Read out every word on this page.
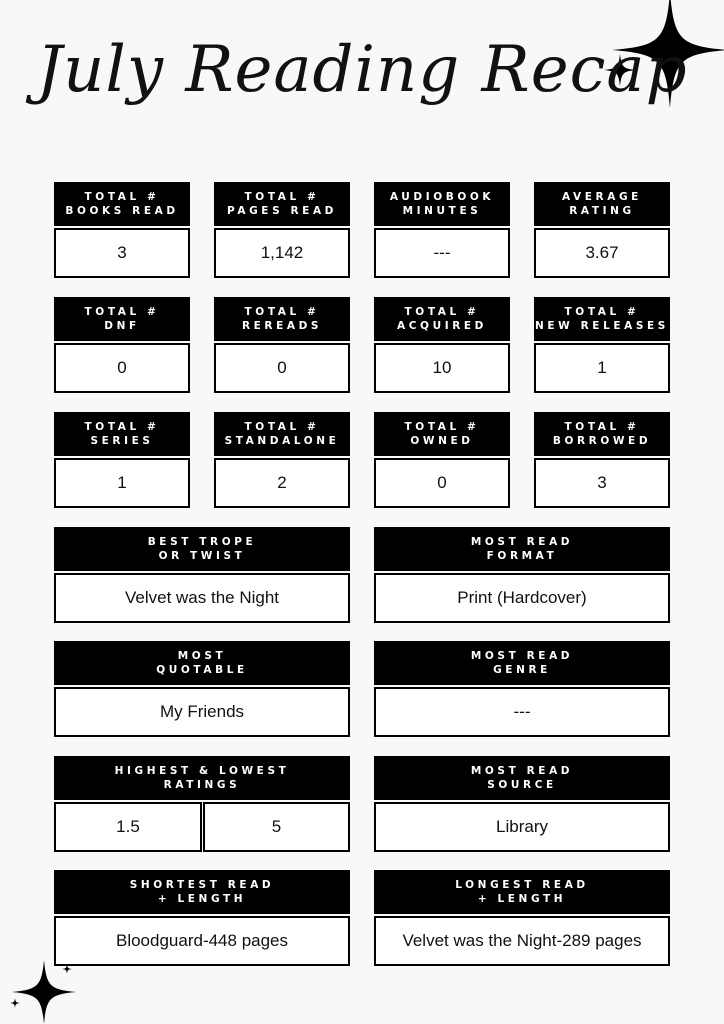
July Reading Recap
TOTAL #
BOOKS READ
3
TOTAL #
PAGES READ
1,142
AUDIOBOOK
MINUTES
---
AVERAGE
RATING
3.67
TOTAL #
DNF
0
TOTAL #
REREADS
0
TOTAL #
ACQUIRED
10
TOTAL #
NEW RELEASES
1
TOTAL #
SERIES
1
TOTAL #
STANDALONE
2
TOTAL #
OWNED
0
TOTAL #
BORROWED
3
BEST TROPE
OR TWIST
Velvet was the Night
MOST READ
FORMAT
Print (Hardcover)
MOST
QUOTABLE
My Friends
MOST READ
GENRE
---
HIGHEST & LOWEST
RATINGS
1.5	5
MOST READ
SOURCE
Library
SHORTEST READ
+ LENGTH
Bloodguard-448 pages
LONGEST READ
+ LENGTH
Velvet was the Night-289 pages
